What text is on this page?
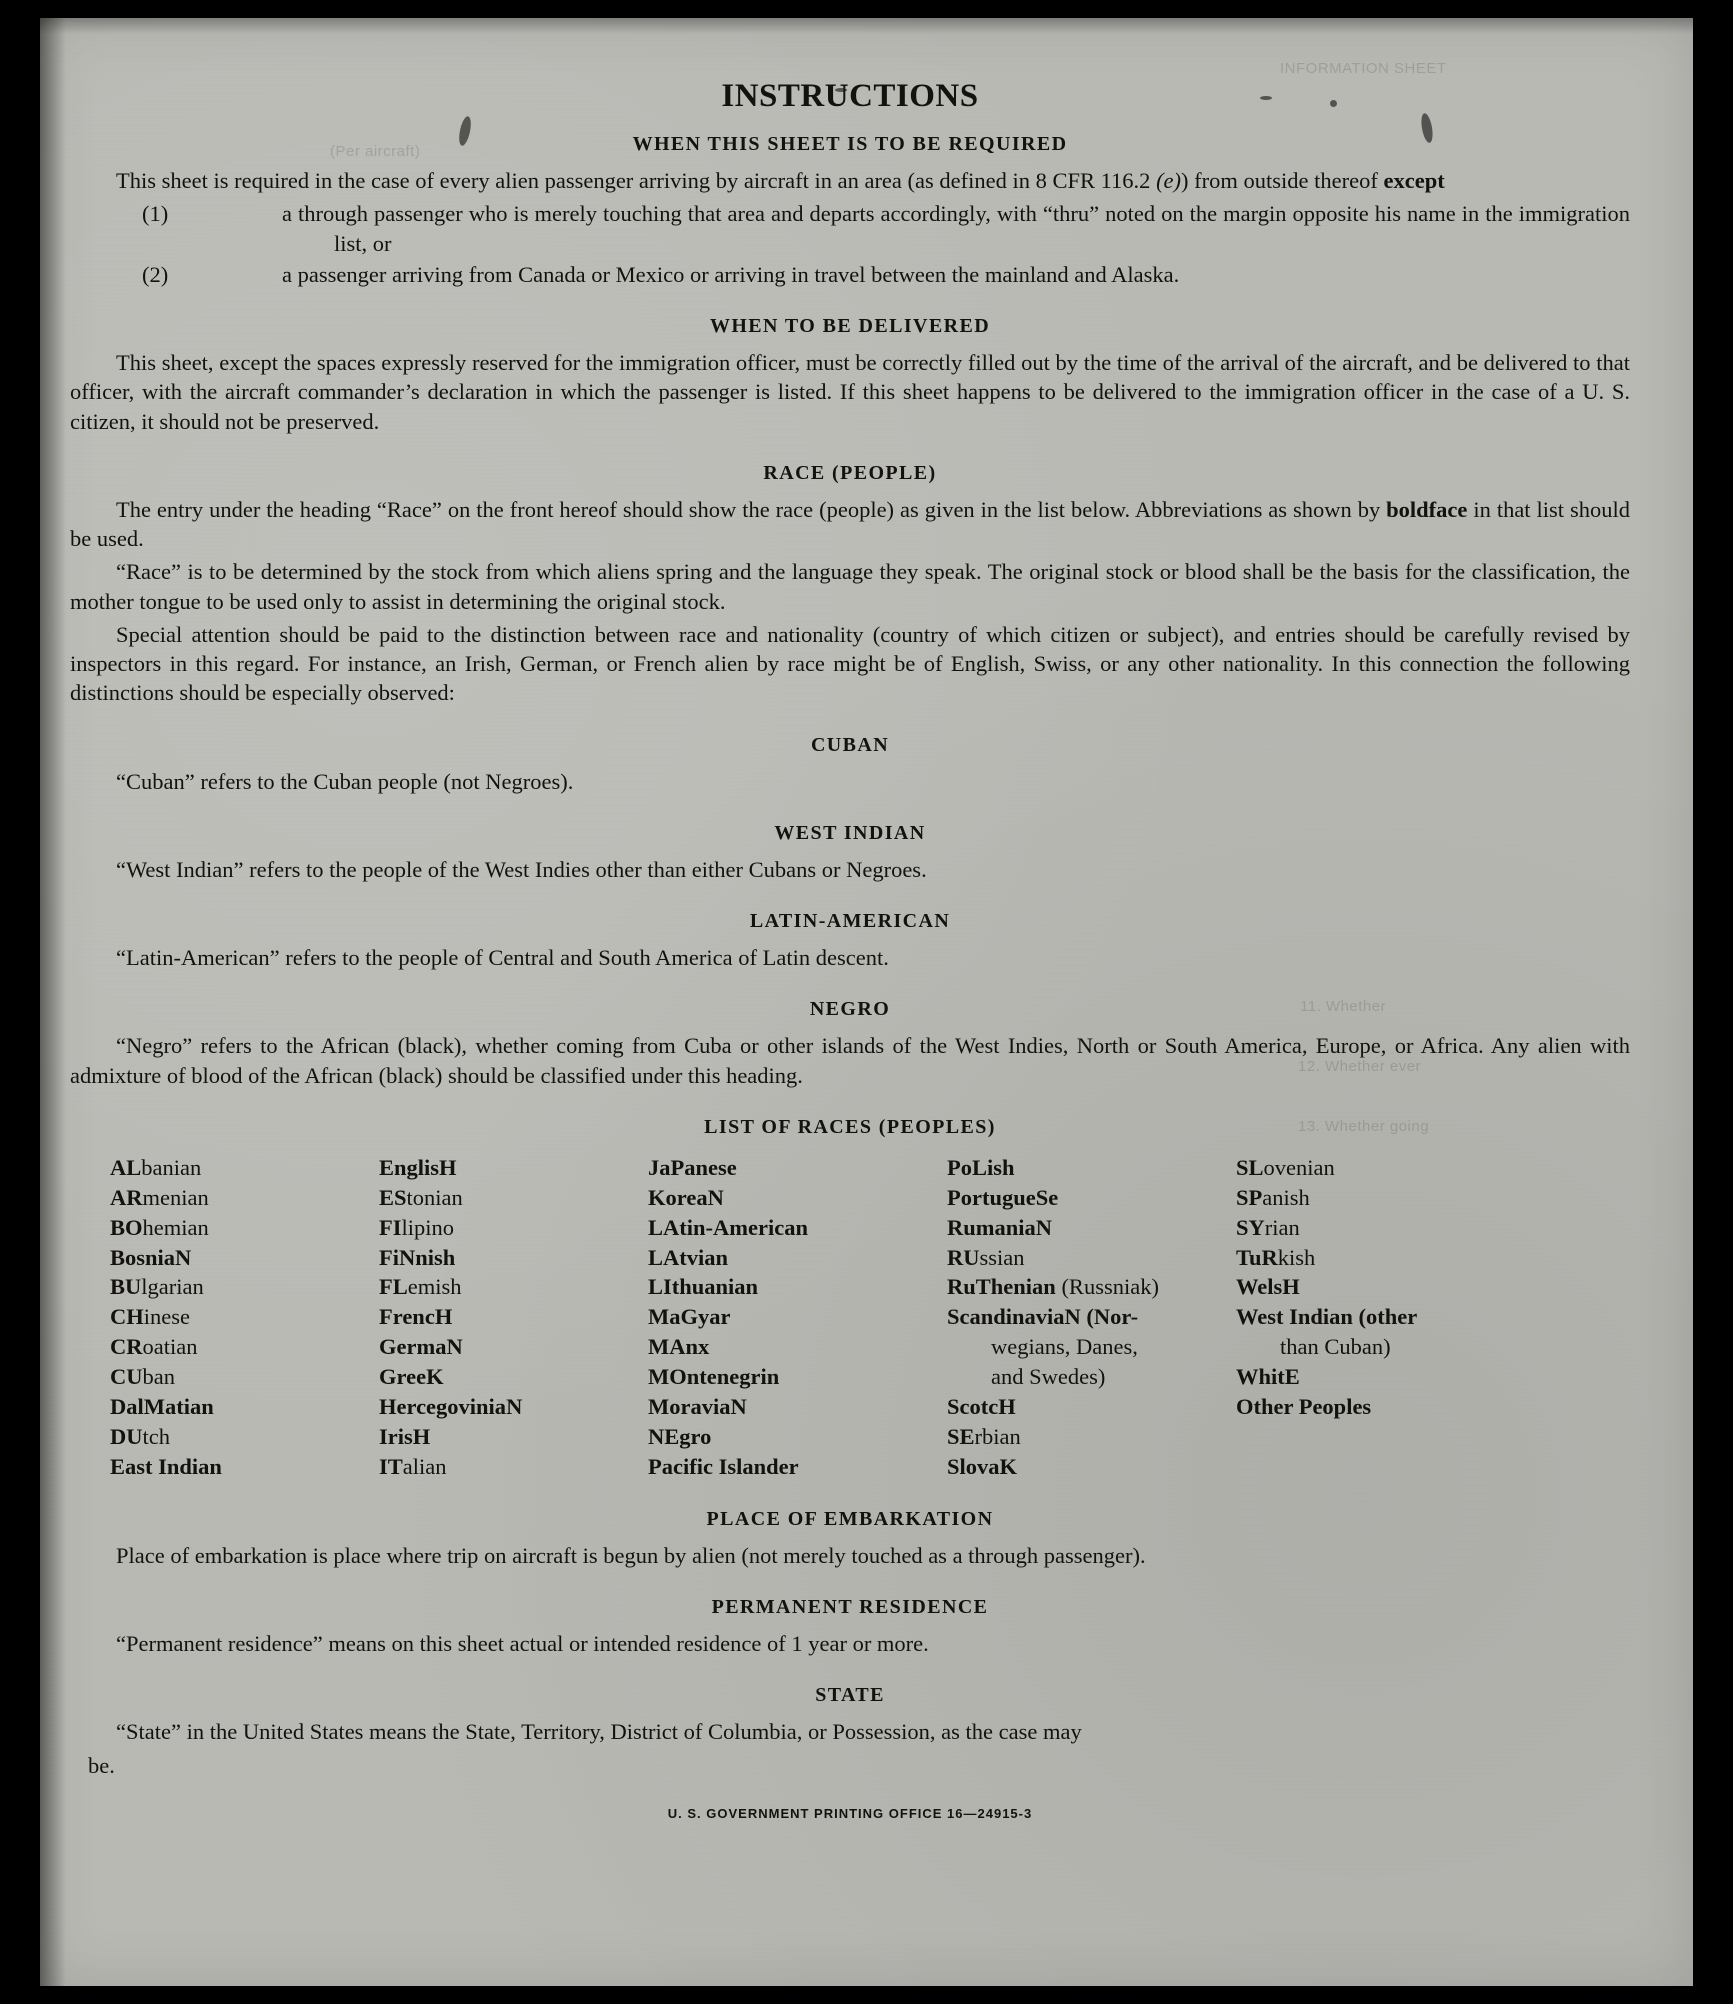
INFORMATION SHEET
(Per aircraft)
11. Whether
12. Whether ever
13. Whether going
INSTRUCTIONS
WHEN THIS SHEET IS TO BE REQUIRED

This sheet is required in the case of every alien passenger arriving by aircraft in an area (as defined in 8 CFR 116.2 (e)) from outside thereof except

(1)	a through passenger who is merely touching that area and departs accordingly, with “thru” noted on the margin opposite his name in the immigration list, or
(2)	a passenger arriving from Canada or Mexico or arriving in travel between the mainland and Alaska.
WHEN TO BE DELIVERED

This sheet, except the spaces expressly reserved for the immigration officer, must be correctly filled out by the time of the arrival of the aircraft, and be delivered to that officer, with the aircraft commander’s declaration in which the passenger is listed. If this sheet happens to be delivered to the immigration officer in the case of a U. S. citizen, it should not be preserved.

RACE (PEOPLE)

The entry under the heading “Race” on the front hereof should show the race (people) as given in the list below. Abbreviations as shown by boldface in that list should be used.

“Race” is to be determined by the stock from which aliens spring and the language they speak. The original stock or blood shall be the basis for the classification, the mother tongue to be used only to assist in determining the original stock.

Special attention should be paid to the distinction between race and nationality (country of which citizen or subject), and entries should be carefully revised by inspectors in this regard. For instance, an Irish, German, or French alien by race might be of English, Swiss, or any other nationality. In this connection the following distinctions should be especially observed:

CUBAN

“Cuban” refers to the Cuban people (not Negroes).

WEST INDIAN

“West Indian” refers to the people of the West Indies other than either Cubans or Negroes.

LATIN-AMERICAN

“Latin-American” refers to the people of Central and South America of Latin descent.

NEGRO

“Negro” refers to the African (black), whether coming from Cuba or other islands of the West Indies, North or South America, Europe, or Africa. Any alien with admixture of blood of the African (black) should be classified under this heading.

LIST OF RACES (PEOPLES)
ALbanian
ARmenian
BOhemian
BosniaN
BUlgarian
CHinese
CRoatian
CUban
DalMatian
DUtch
East Indian
EnglisH
EStonian
FIlipino
FiNnish
FLemish
FrencH
GermaN
GreeK
HercegoviniaN
IrisH
ITalian
JaPanese
KoreaN
LAtin-American
LAtvian
LIthuanian
MaGyar
MAnx
MOntenegrin
MoraviaN
NEgro
Pacific Islander
PoLish
PortugueSe
RumaniaN
RUssian
RuThenian (Russniak)
ScandinaviaN (Nor-
wegians, Danes,
and Swedes)
ScotcH
SErbian
SlovaK
SLovenian
SPanish
SYrian
TuRkish
WelsH
West Indian (other
than Cuban)
WhitE
Other Peoples
PLACE OF EMBARKATION

Place of embarkation is place where trip on aircraft is begun by alien (not merely touched as a through passenger).

PERMANENT RESIDENCE

“Permanent residence” means on this sheet actual or intended residence of 1 year or more.

STATE

“State” in the United States means the State, Territory, District of Columbia, or Possession, as the case may

be.

U. S. GOVERNMENT PRINTING OFFICE 16—24915-3
